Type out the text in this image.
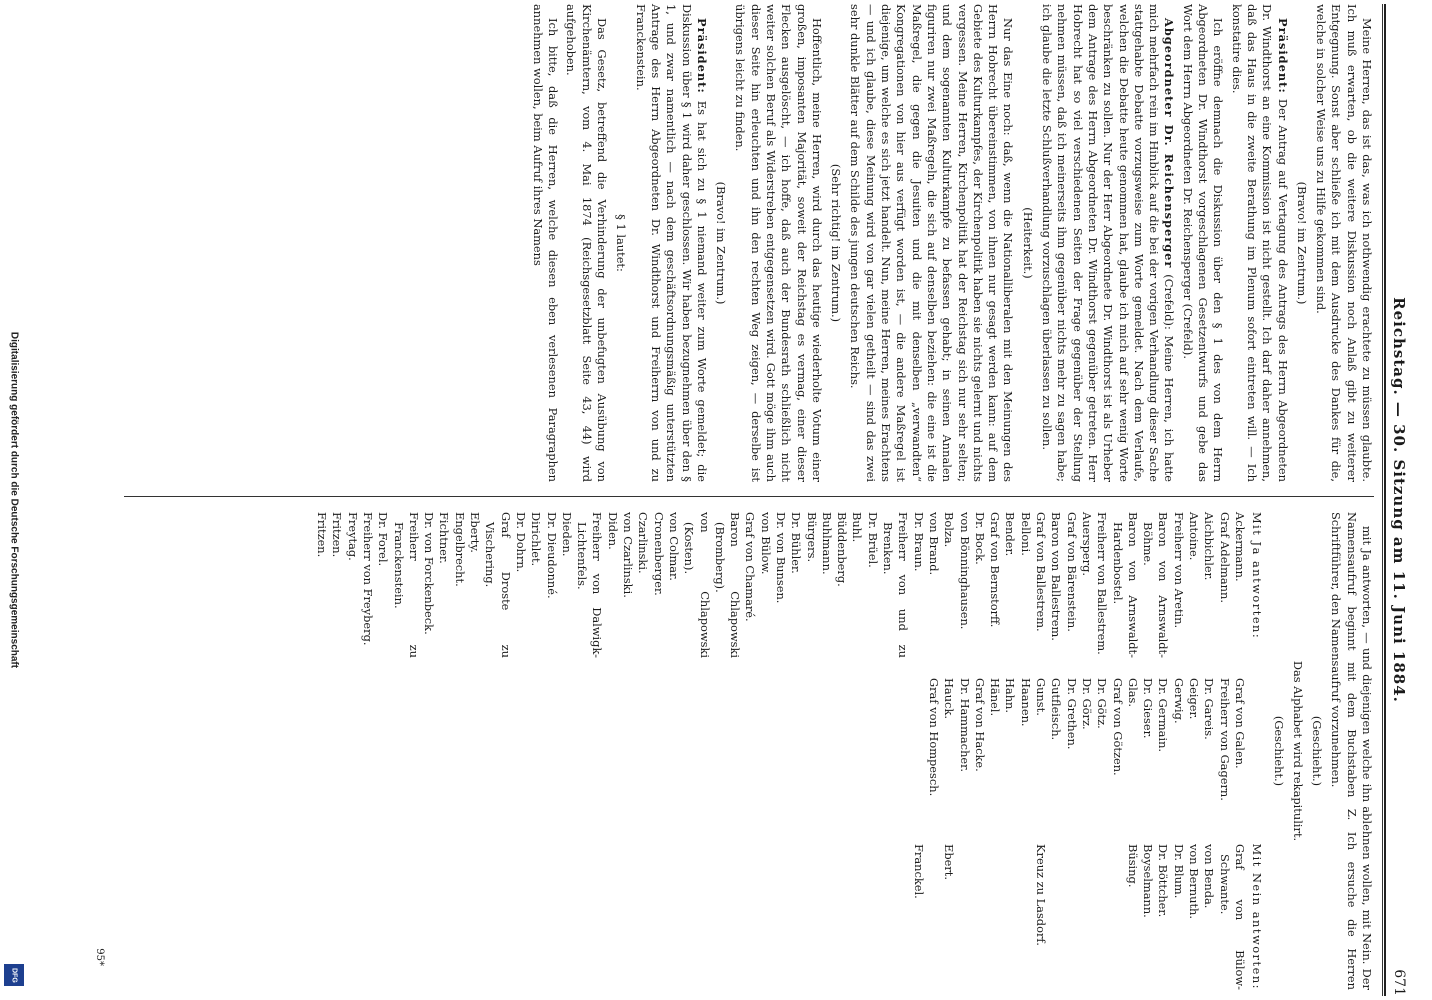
Digitalisierung gefördert durch die Deutsche Forschungsgemeinschaft
DFG
Reichstag. — 30. Sitzung am 11. Juni 1884.
671

Meine Herren, das ist das, was ich nothwendig erachtete zu müssen glaubte. Ich muß erwarten, ob die weitere Diskussion noch Anlaß gibt zu weiterer Entgegnung. Sonst aber schließe ich mit dem Ausdrucke des Dankes für die, welche in solcher Weise uns zu Hilfe gekommen sind.

(Bravo! im Zentrum.)

Präsident: Der Antrag auf Vertagung des Antrags des Herrn Abgeordneten Dr. Windthorst an eine Kommission ist nicht gestellt. Ich darf daher annehmen, daß das Haus in die zweite Berathung im Plenum sofort eintreten will. — Ich konstatire dies.

Ich eröffne demnach die Diskussion über den § 1 des von dem Herrn Abgeordneten Dr. Windthorst vorgeschlagenen Gesetzentwurfs und gebe das Wort dem Herrn Abgeordneten Dr. Reichensperger (Crefeld).

Abgeordneter Dr. Reichensperger (Crefeld): Meine Herren, ich hatte mich mehrfach rein im Hinblick auf die bei der vorigen Verhandlung dieser Sache stattgehabte Debatte vorzugsweise zum Worte gemeldet. Nach dem Verlaufe, welchen die Debatte heute genommen hat, glaube ich mich auf sehr wenig Worte beschränken zu sollen. Nur der Herr Abgeordnete Dr. Windthorst ist als Urheber dem Antrage des Herrn Abgeordneten Dr. Windthorst gegenüber getreten. Herr Hobrecht hat so viel verschiedenen Seiten der Frage gegenüber der Stellung nehmen müssen, daß ich meinerseits ihm gegenüber nichts mehr zu sagen habe; ich glaube die letzte Schlußverhandlung vorzuschlagen überlassen zu sollen.

(Heiterkeit.)

Nur das Eine noch: daß, wenn die Nationalliberalen mit den Meinungen des Herrn Hobrecht übereinstimmen, von ihnen nur gesagt werden kann: auf dem Gebiete des Kulturkampfes, der Kirchenpolitik haben sie nichts gelernt und nichts vergessen. Meine Herren, Kirchenpolitik hat der Reichstag sich nur sehr selten; und dem sogenannten Kulturkampfe zu befassen gehabt; in seinen Annalen figuriren nur zwei Maßregeln, die sich auf denselben beziehen: die eine ist die Maßregel, die gegen die Jesuiten und die mit denselben „verwandten“ Kongregationen von hier aus verfügt worden ist, — die andere Maßregel ist diejenige, um welche es sich jetzt handelt. Nun, meine Herren, meines Erachtens — und ich glaube, diese Meinung wird von gar vielen getheilt — sind das zwei sehr dunkle Blätter auf dem Schilde des jungen deutschen Reichs.

(Sehr richtig! im Zentrum.)

Hoffentlich, meine Herren, wird durch das heutige wiederholte Votum einer großen, imposanten Majorität, soweit der Reichstag es vermag, einer dieser Flecken ausgelöscht, — ich hoffe, daß auch der Bundesrath schließlich nicht weiter solchen Beruf als Widerstreben entgegensetzen wird. Gott möge ihm auch dieser Seite hin erleuchten und ihn den rechten Weg zeigen, — derselbe ist übrigens leicht zu finden.

(Bravo! im Zentrum.)

Präsident: Es hat sich zu § 1 niemand weiter zum Worte gemeldet; die Diskussion über § 1 wird daher geschlossen. Wir haben bezugnehmen über den § 1, und zwar namentlich — nach dem geschäftsordnungsmäßig unterstützten Antrage des Herrn Abgeordneten Dr. Windthorst und Freiherrn von und zu Franckenstein.

§ 1 lautet:

Das Gesetz, betreffend die Verhinderung der unbefugten Ausübung von Kirchenämtern, vom 4. Mai 1874 (Reichsgesetzblatt Seite 43, 44) wird aufgehoben.

Ich bitte, daß die Herren, welche diesen eben verlesenen Paragraphen annehmen wollen, beim Aufruf ihres Namens

mit Ja antworten, — und diejenigen welche ihn ablehnen wollen, mit Nein. Der Namensaufruf beginnt mit dem Buchstaben Z. Ich ersuche die Herren Schriftführer, den Namensaufruf vorzunehmen.

(Geschieht.)

Das Alphabet wird rekapitulirt.

(Geschieht.)

Mit Ja antworten:
Mit Nein antworten:
Ackermann.
Graf Adelmann.
Aichbichler.
Antoine.
Freiherr von Aretin.
Baron von Arnswaldt-Böhme.
Baron von Arnswaldt-Hardenbostel.
Freiherr von Ballestrem.
Auersperg.
Graf von Bärenstein.
Baron von Ballestrem.
Graf von Ballestrem.
Belloni.
Bender.
Graf von Bernstorff.
Dr. Bock.
von Bönninghausen.
Bolza.
von Brand.
Dr. Braun.
Freiherr von und zu Brenken.
Dr. Brüel.
Buhl.
Büddenberg.
Buhlmann.
Bürgers.
Dr. Bühler.
Dr. von Bunsen.
von Bülow.
Graf von Chamaré.
Baron Chlapowski (Bromberg).
von Chlapowski (Kosten).
von Colmar.
Cronenberger.
Czarlinski.
von Czarlinski.
Diden.
Freiherr von Dalwigk-Lichtenfels.
Dieden.
Dr. Dieudonné.
Dirichlet.
Dr. Dohrn.
Graf Droste zu Vischering.
Eberty.
Engelbrecht.
Fichtner.
Dr. von Forckenbeck.
Freiherr zu Franckenstein.
Dr. Forel.
Freiherr von Freyberg.
Freytag.
Fritzen.
Fritzen.
Graf von Galen.
Freiherr von Gagern.
Dr. Gareis.
Geiger.
Gerwig.
Dr. Germain.
Dr. Gieser.
Glas.
Graf von Götzen.
Dr. Götz.
Dr. Görz.
Dr. Grethen.
Gutfleisch.
Gunst.
Haanen.
Hahn.
Hänel.
Graf von Hacke.
Dr. Hammacher.
Hauck.
Graf von Hompesch.
Graf von Bülow-Schwante.
von Benda.
von Bernuth.
Dr. Blum.
Dr. Böttcher.
Boyselmann.
Büsing.

Kreuz zu Lasdorf.

Ebert.

Franckel.
95*
